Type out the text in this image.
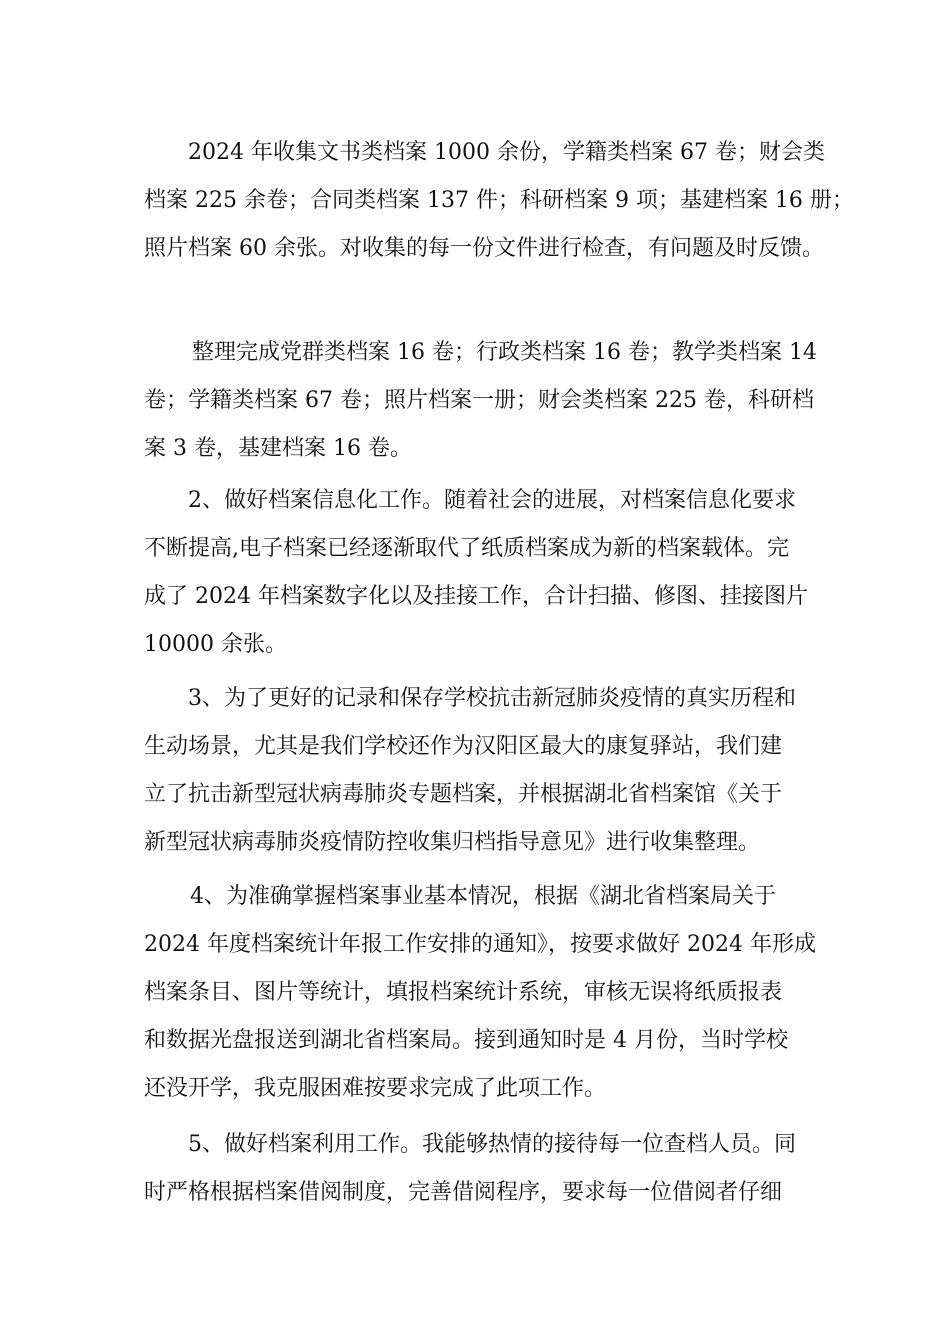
2024 年收集文书类档案 1000 余份，学籍类档案 67 卷；财会类
档案 225 余卷；合同类档案 137 件；科研档案 9 项；基建档案 16 册；
照片档案 60 余张。对收集的每一份文件进行检查，有问题及时反馈。
整理完成党群类档案 16 卷；行政类档案 16 卷；教学类档案 14
卷；学籍类档案 67 卷；照片档案一册；财会类档案 225 卷，科研档
案 3 卷，基建档案 16 卷。
2、做好档案信息化工作。随着社会的进展，对档案信息化要求
不断提高,电子档案已经逐渐取代了纸质档案成为新的档案载体。完
成了 2024 年档案数字化以及挂接工作，合计扫描、修图、挂接图片
10000 余张。
3、为了更好的记录和保存学校抗击新冠肺炎疫情的真实历程和
生动场景，尤其是我们学校还作为汉阳区最大的康复驿站，我们建
立了抗击新型冠状病毒肺炎专题档案，并根据湖北省档案馆《关于
新型冠状病毒肺炎疫情防控收集归档指导意见》进行收集整理。
4、为准确掌握档案事业基本情况，根据《湖北省档案局关于
2024 年度档案统计年报工作安排的通知》，按要求做好 2024 年形成
档案条目、图片等统计，填报档案统计系统，审核无误将纸质报表
和数据光盘报送到湖北省档案局。接到通知时是 4 月份，当时学校
还没开学，我克服困难按要求完成了此项工作。
5、做好档案利用工作。我能够热情的接待每一位查档人员。同
时严格根据档案借阅制度，完善借阅程序，要求每一位借阅者仔细
